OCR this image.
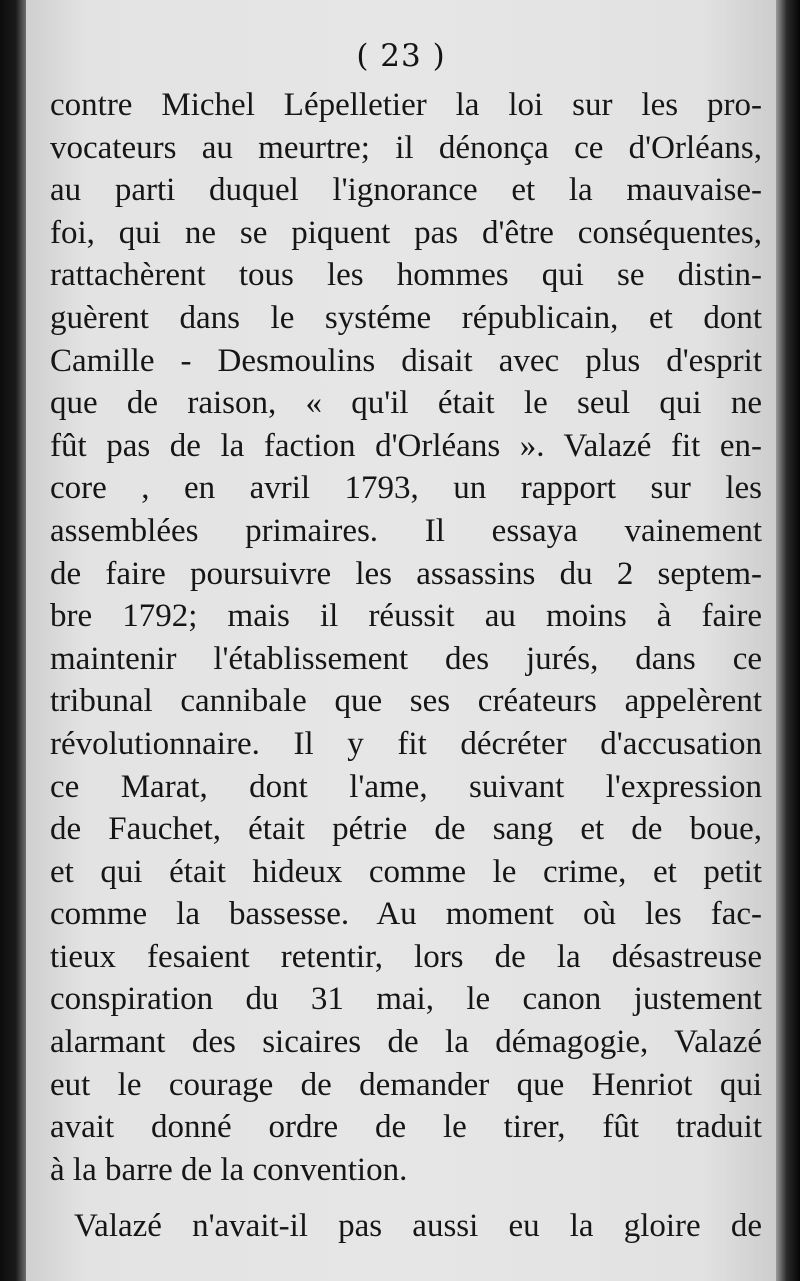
( 23 )
contre Michel Lépelletier la loi sur les pro-
vocateurs au meurtre; il dénonça ce d'Orléans,
au parti duquel l'ignorance et la mauvaise-
foi, qui ne se piquent pas d'être conséquentes,
rattachèrent tous les hommes qui se distin-
guèrent dans le systéme républicain, et dont
Camille - Desmoulins disait avec plus d'esprit
que de raison, « qu'il était le seul qui ne
fût pas de la faction d'Orléans ». Valazé fit en-
core , en avril 1793, un rapport sur les
assemblées primaires. Il essaya vainement
de faire poursuivre les assassins du 2 septem-
bre 1792; mais il réussit au moins à faire
maintenir l'établissement des jurés, dans ce
tribunal cannibale que ses créateurs appelèrent
révolutionnaire. Il y fit décréter d'accusation
ce Marat, dont l'ame, suivant l'expression
de Fauchet, était pétrie de sang et de boue,
et qui était hideux comme le crime, et petit
comme la bassesse. Au moment où les fac-
tieux fesaient retentir, lors de la désastreuse
conspiration du 31 mai, le canon justement
alarmant des sicaires de la démagogie, Valazé
eut le courage de demander que Henriot qui
avait donné ordre de le tirer, fût traduit
à la barre de la convention.
Valazé n'avait-il pas aussi eu la gloire de
